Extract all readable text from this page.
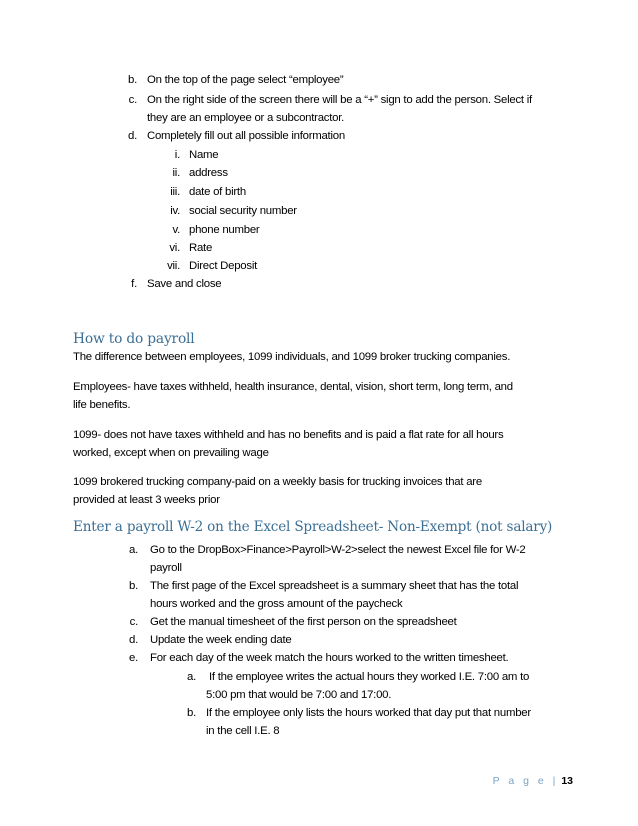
b. On the top of the page select “employee”
c. On the right side of the screen there will be a “+” sign to add the person. Select if
they are an employee or a subcontractor.
d. Completely fill out all possible information
i. Name
ii. address
iii. date of birth
iv. social security number
v. phone number
vi. Rate
vii. Direct Deposit
f. Save and close
How to do payroll
The difference between employees, 1099 individuals, and 1099 broker trucking companies.
Employees- have taxes withheld, health insurance, dental, vision, short term, long term, and
life benefits.
1099- does not have taxes withheld and has no benefits and is paid a flat rate for all hours
worked, except when on prevailing wage
1099 brokered trucking company-paid on a weekly basis for trucking invoices that are
provided at least 3 weeks prior
Enter a payroll W-2 on the Excel Spreadsheet- Non-Exempt (not salary)
a. Go to the DropBox>Finance>Payroll>W-2>select the newest Excel file for W-2
payroll
b. The first page of the Excel spreadsheet is a summary sheet that has the total
hours worked and the gross amount of the paycheck
c. Get the manual timesheet of the first person on the spreadsheet
d. Update the week ending date
e. For each day of the week match the hours worked to the written timesheet.
a. If the employee writes the actual hours they worked I.E. 7:00 am to
5:00 pm that would be 7:00 and 17:00.
b. If the employee only lists the hours worked that day put that number
in the cell I.E. 8
P a g e | 13
